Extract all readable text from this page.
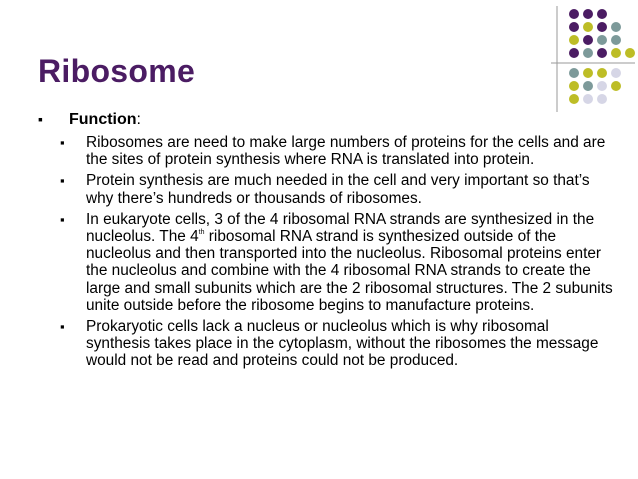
Ribosome
▪ Function:
▪ Ribosomes are need to make large numbers of proteins for the cells and are the sites of protein synthesis where RNA is translated into protein.
▪ Protein synthesis are much needed in the cell and very important so that’s why there’s hundreds or thousands of ribosomes.
▪ In eukaryote cells, 3 of the 4 ribosomal RNA strands are synthesized in the nucleolus. The 4th ribosomal RNA strand is synthesized outside of the nucleolus and then transported into the nucleolus. Ribosomal proteins enter the nucleolus and combine with the 4 ribosomal RNA strands to create the large and small subunits which are the 2 ribosomal structures. The 2 subunits unite outside before the ribosome begins to manufacture proteins.
▪ Prokaryotic cells lack a nucleus or nucleolus which is why ribosomal synthesis takes place in the cytoplasm, without the ribosomes the message would not be read and proteins could not be produced.
